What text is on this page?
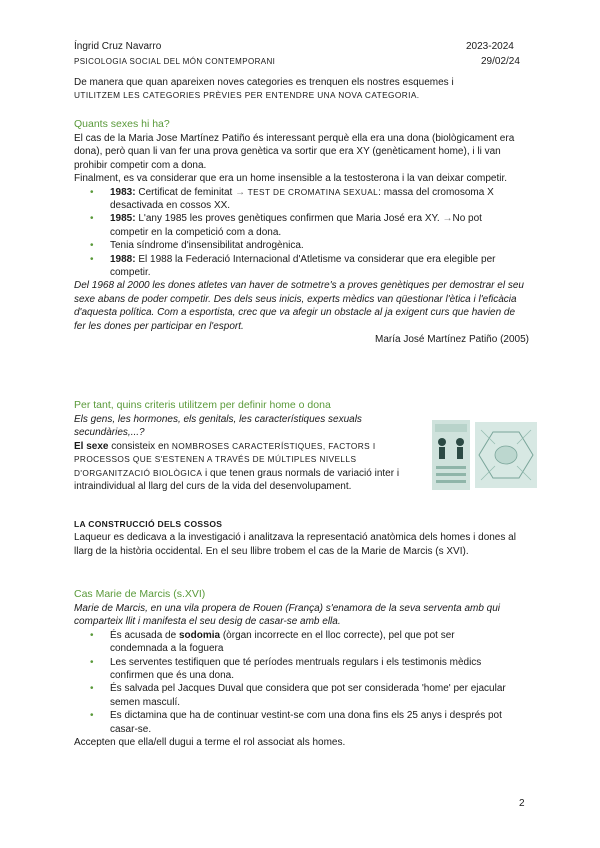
Íngrid Cruz Navarro
PSICOLOGIA SOCIAL DEL MÓN CONTEMPORANI
2023-2024
29/02/24
De manera que quan apareixen noves categories es trenquen els nostres esquemes i
UTILITZEM LES CATEGORIES PRÈVIES PER ENTENDRE UNA NOVA CATEGORIA.
Quants sexes hi ha?
El cas de la Maria Jose Martínez Patiño és interessant perquè ella era una dona (biològicament era dona), però quan li van fer una prova genètica va sortir que era XY (genèticament home), i li van prohibir competir com a dona.
Finalment, es va considerar que era un home insensible a la testosterona i la van deixar competir.
• 1983: Certificat de feminitat → TEST DE CROMATINA SEXUAL: massa del cromosoma X desactivada en cossos XX.
• 1985: L'any 1985 les proves genètiques confirmen que Maria José era XY. →No pot competir en la competició com a dona.
• Tenia síndrome d'insensibilitat androgènica.
• 1988: El 1988 la Federació Internacional d'Atletisme va considerar que era elegible per competir.
Del 1968 al 2000 les dones atletes van haver de sotmetre's a proves genètiques per demostrar el seu sexe abans de poder competir. Des dels seus inicis, experts mèdics van qüestionar l'ètica i l'eficàcia d'aquesta política. Com a esportista, crec que va afegir un obstacle al ja exigent curs que havien de fer les dones per participar en l'esport.
María José Martínez Patiño (2005)
Per tant, quins criteris utilitzem per definir home o dona
Els gens, les hormones, els genitals, les característiques sexuals secundàries,...?
El sexe consisteix en NOMBROSES CARACTERÍSTIQUES, FACTORS I PROCESSOS QUE S'ESTENEN A TRAVÉS DE MÚLTIPLES NIVELLS D'ORGANITZACIÓ BIOLÒGICA i que tenen graus normals de variació inter i intraindividual al llarg del curs de la vida del desenvolupament.
LA CONSTRUCCIÓ DELS COSSOS
Laqueur es dedicava a la investigació i analitzava la representació anatòmica dels homes i dones al llarg de la història occidental. En el seu llibre trobem el cas de la Marie de Marcis (s XVI).
Cas Marie de Marcis (s.XVI)
Marie de Marcis, en una vila propera de Rouen (França) s'enamora de la seva serventa amb qui comparteix llit i manifesta el seu desig de casar-se amb ella.
• És acusada de sodomia (òrgan incorrecte en el lloc correcte), pel que pot ser condemnada a la foguera
• Les serventes testifiquen que té períodes mentruals regulars i els testimonis mèdics confirmen que és una dona.
• És salvada pel Jacques Duval que considera que pot ser considerada 'home' per ejacular semen masculí.
• Es dictamina que ha de continuar vestint-se com una dona fins els 25 anys i després pot casar-se.
Accepten que ella/ell dugui a terme el rol associat als homes.
2
